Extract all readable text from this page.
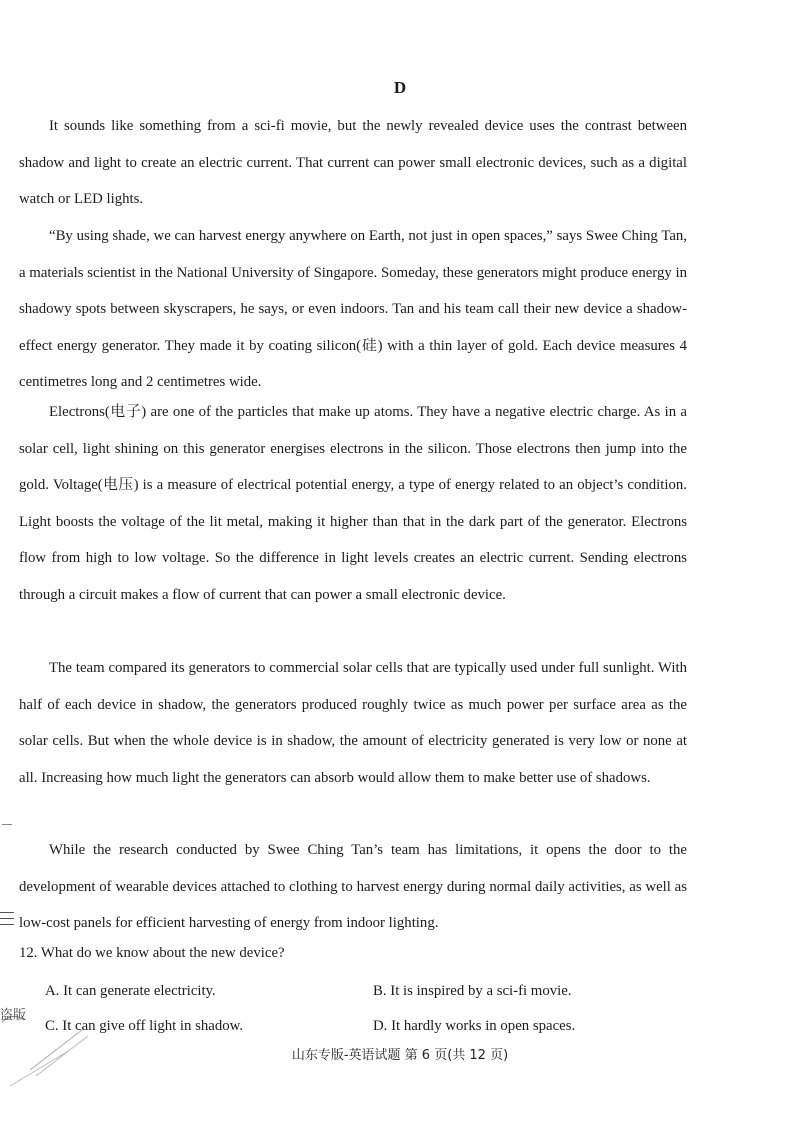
D

It sounds like something from a sci-fi movie, but the newly revealed device uses the contrast between shadow and light to create an electric current. That current can power small electronic devices, such as a digital watch or LED lights.

“By using shade, we can harvest energy anywhere on Earth, not just in open spaces,” says Swee Ching Tan, a materials scientist in the National University of Singapore. Someday, these generators might produce energy in shadowy spots between skyscrapers, he says, or even indoors. Tan and his team call their new device a shadow-effect energy generator. They made it by coating silicon(硅) with a thin layer of gold. Each device measures 4 centimetres long and 2 centimetres wide.

Electrons(电子) are one of the particles that make up atoms. They have a negative electric charge. As in a solar cell, light shining on this generator energises electrons in the silicon. Those electrons then jump into the gold. Voltage(电压) is a measure of electrical potential energy, a type of energy related to an object’s condition. Light boosts the voltage of the lit metal, making it higher than that in the dark part of the generator. Electrons flow from high to low voltage. So the difference in light levels creates an electric current. Sending electrons through a circuit makes a flow of current that can power a small electronic device.

The team compared its generators to commercial solar cells that are typically used under full sunlight. With half of each device in shadow, the generators produced roughly twice as much power per surface area as the solar cells. But when the whole device is in shadow, the amount of electricity generated is very low or none at all. Increasing how much light the generators can absorb would allow them to make better use of shadows.

While the research conducted by Swee Ching Tan’s team has limitations, it opens the door to the development of wearable devices attached to clothing to harvest energy during normal daily activities, as well as low-cost panels for efficient harvesting of energy from indoor lighting.

12. What do we know about the new device?
A. It can generate electricity.	B. It is inspired by a sci-fi movie.
C. It can give off light in shadow.	D. It hardly works in open spaces.
山东专版-英语试题 第 6 页(共 12 页)
盗版
